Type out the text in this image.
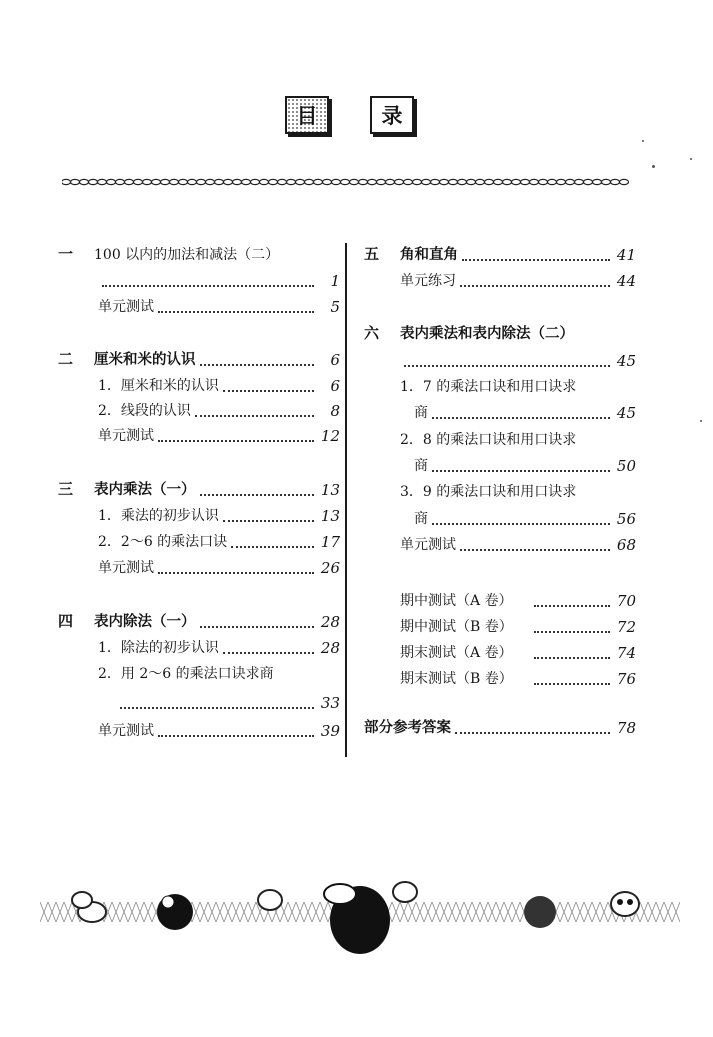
目	录
一	100 以内的加法和减法（二）
1
单元测试	5
二	厘米和米的认识	6
1．厘米和米的认识	6
2．线段的认识	8
单元测试	12
三	表内乘法（一）	13
1．乘法的初步认识	13
2．2～6 的乘法口诀	17
单元测试	26
四	表内除法（一）	28
1．除法的初步认识	28
2．用 2～6 的乘法口诀求商
33
单元测试	39
五	角和直角	41
单元练习	44
六	表内乘法和表内除法（二）
45
1．7 的乘法口诀和用口诀求
商	45
2．8 的乘法口诀和用口诀求
商	50
3．9 的乘法口诀和用口诀求
商	56
单元测试	68
期中测试（A 卷）	70
期中测试（B 卷）	72
期末测试（A 卷）	74
期末测试（B 卷）	76
部分参考答案	78
